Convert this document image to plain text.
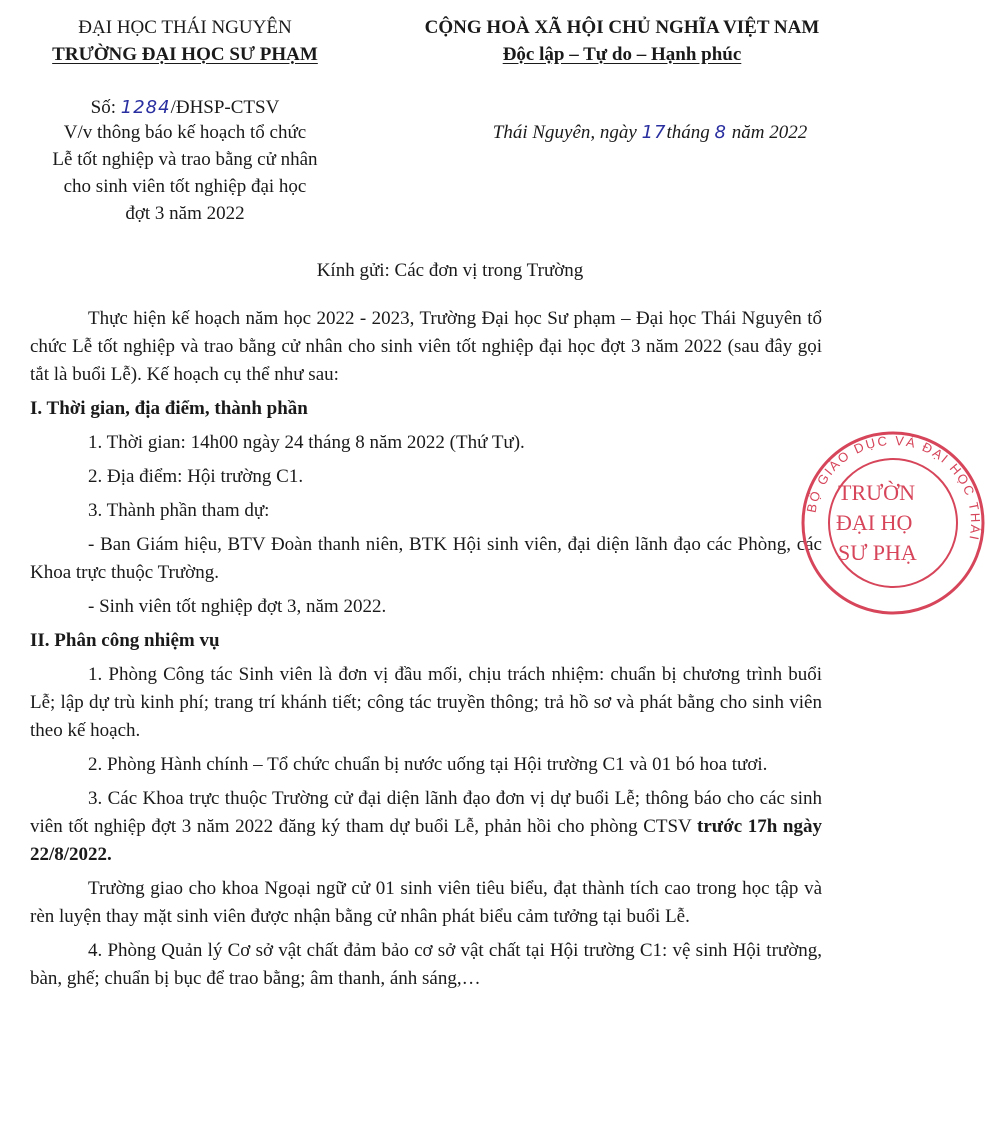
ĐẠI HỌC THÁI NGUYÊN
TRƯỜNG ĐẠI HỌC SƯ PHẠM
CỘNG HOÀ XÃ HỘI CHỦ NGHĨA VIỆT NAM
Độc lập – Tự do – Hạnh phúc
Số: 1284/ĐHSP-CTSV
V/v thông báo kế hoạch tổ chức
Lễ tốt nghiệp và trao bằng cử nhân
cho sinh viên tốt nghiệp đại học
đợt 3 năm 2022
Thái Nguyên, ngày 17tháng 8 năm 2022
Kính gửi: Các đơn vị trong Trường

Thực hiện kế hoạch năm học 2022 - 2023, Trường Đại học Sư phạm – Đại học Thái Nguyên tổ chức Lễ tốt nghiệp và trao bằng cử nhân cho sinh viên tốt nghiệp đại học đợt 3 năm 2022 (sau đây gọi tắt là buổi Lễ). Kế hoạch cụ thể như sau:

I. Thời gian, địa điểm, thành phần
1. Thời gian: 14h00 ngày 24 tháng 8 năm 2022 (Thứ Tư).
2. Địa điểm: Hội trường C1.
3. Thành phần tham dự:
- Ban Giám hiệu, BTV Đoàn thanh niên, BTK Hội sinh viên, đại diện lãnh đạo các Phòng, các Khoa trực thuộc Trường.
- Sinh viên tốt nghiệp đợt 3, năm 2022.
II. Phân công nhiệm vụ

1. Phòng Công tác Sinh viên là đơn vị đầu mối, chịu trách nhiệm: chuẩn bị chương trình buổi Lễ; lập dự trù kinh phí; trang trí khánh tiết; công tác truyền thông; trả hồ sơ và phát bằng cho sinh viên theo kế hoạch.

2. Phòng Hành chính – Tổ chức chuẩn bị nước uống tại Hội trường C1 và 01 bó hoa tươi.

3. Các Khoa trực thuộc Trường cử đại diện lãnh đạo đơn vị dự buổi Lễ; thông báo cho các sinh viên tốt nghiệp đợt 3 năm 2022 đăng ký tham dự buổi Lễ, phản hồi cho phòng CTSV trước 17h ngày 22/8/2022.

Trường giao cho khoa Ngoại ngữ cử 01 sinh viên tiêu biểu, đạt thành tích cao trong học tập và rèn luyện thay mặt sinh viên được nhận bằng cử nhân phát biểu cảm tưởng tại buổi Lễ.

4. Phòng Quản lý Cơ sở vật chất đảm bảo cơ sở vật chất tại Hội trường C1: vệ sinh Hội trường, bàn, ghế; chuẩn bị bục để trao bằng; âm thanh, ánh sáng,…

BỘ GIÁO DỤC VÀ ĐẠI HỌC THÁI
TRƯỜN
ĐẠI HỌ
SƯ PHẠ
